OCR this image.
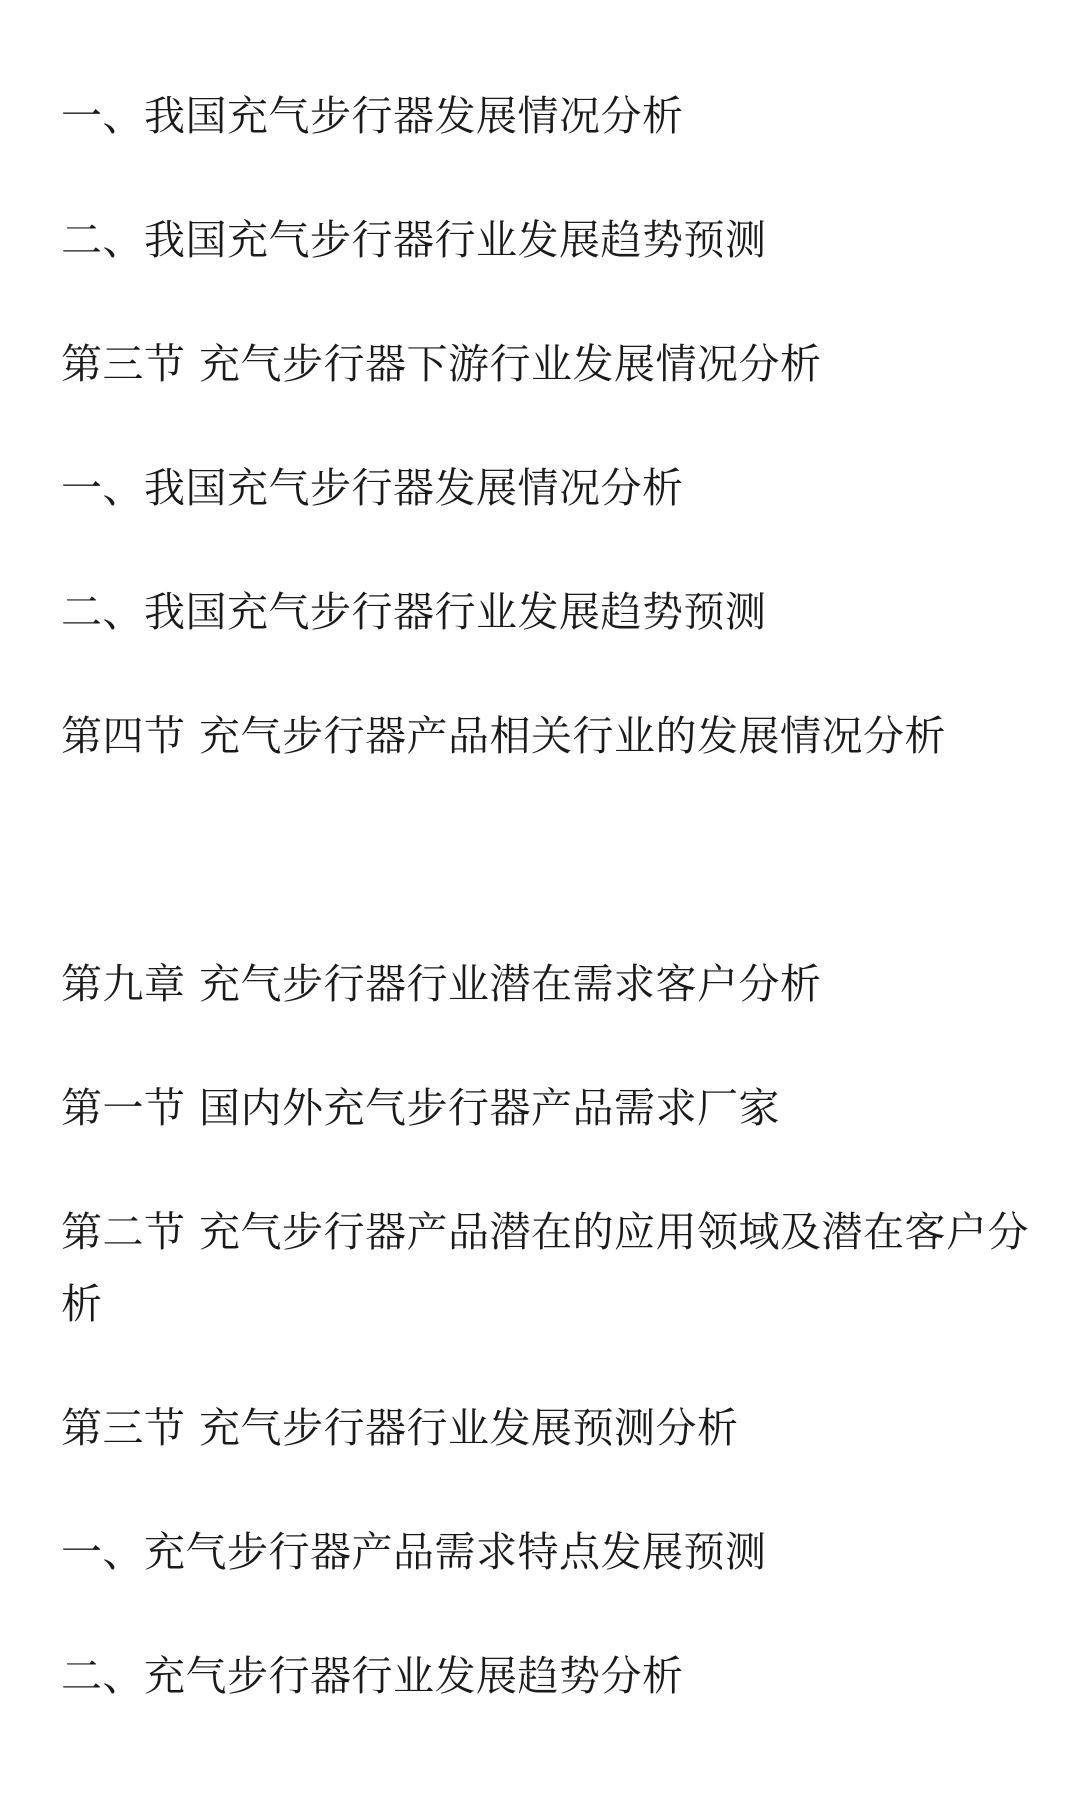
一、我国充气步行器发展情况分析
二、我国充气步行器行业发展趋势预测
第三节 充气步行器下游行业发展情况分析
一、我国充气步行器发展情况分析
二、我国充气步行器行业发展趋势预测
第四节 充气步行器产品相关行业的发展情况分析
第九章 充气步行器行业潜在需求客户分析
第一节 国内外充气步行器产品需求厂家
第二节 充气步行器产品潜在的应用领域及潜在客户分析
第三节 充气步行器行业发展预测分析
一、充气步行器产品需求特点发展预测
二、充气步行器行业发展趋势分析
